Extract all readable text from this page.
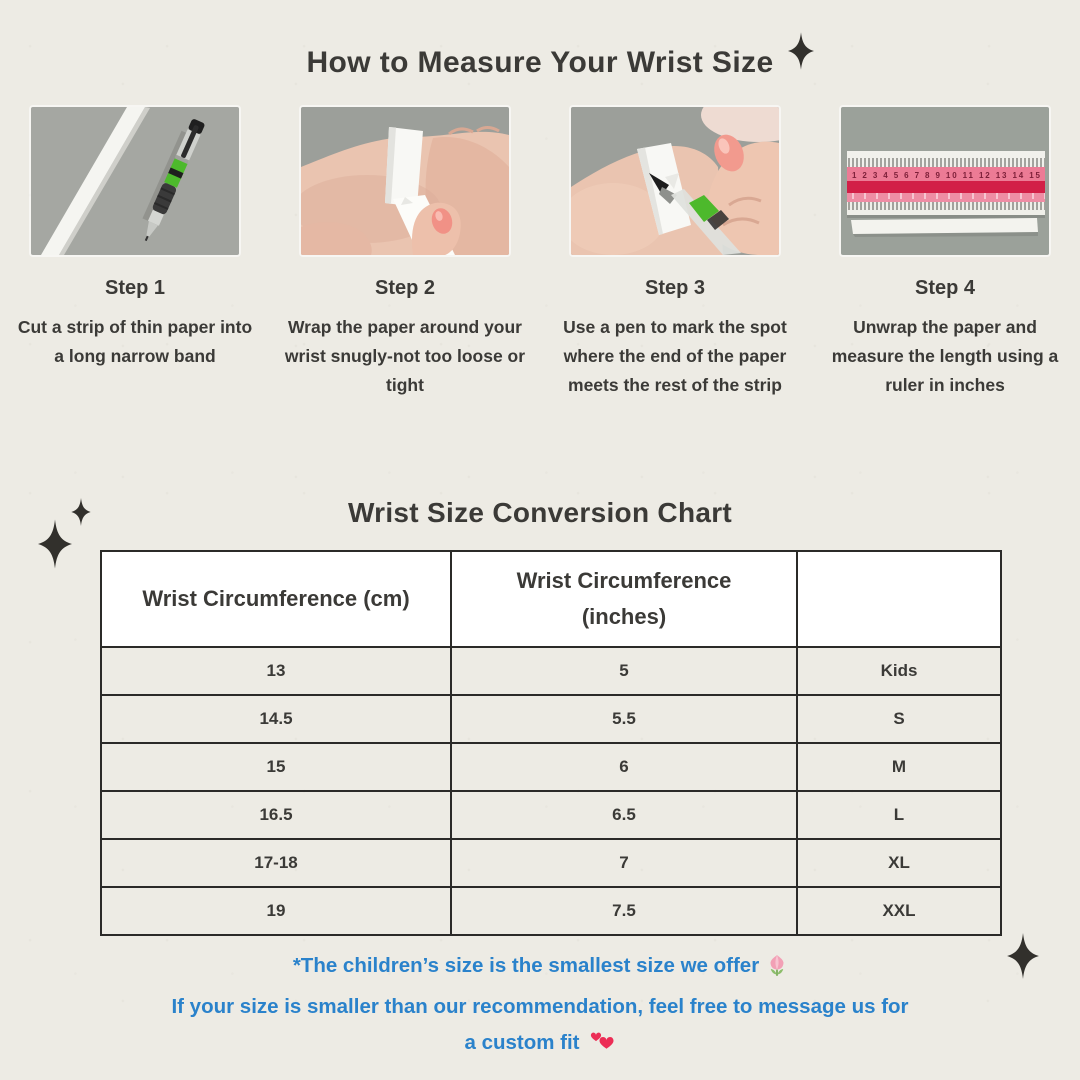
How to Measure Your Wrist Size
Step 1
Cut a strip of thin paper into a long narrow band
Step 2
Wrap the paper around your wrist snugly-not too loose or tight
Step 3
Use a pen to mark the spot where the end of the paper meets the rest of the strip
1 2 3 4 5 6 7 8 9 10 11 12 13 14 15
Step 4
Unwrap the paper and measure the length using a ruler in inches
Wrist Size Conversion Chart
Wrist Circumference (cm)	Wrist Circumference (inches)	
13	5	Kids
14.5	5.5	S
15	6	M
16.5	6.5	L
17-18	7	XL
19	7.5	XXL
*The children’s size is the smallest size we offer
If your size is smaller than our recommendation, feel free to message us for
a custom fit
